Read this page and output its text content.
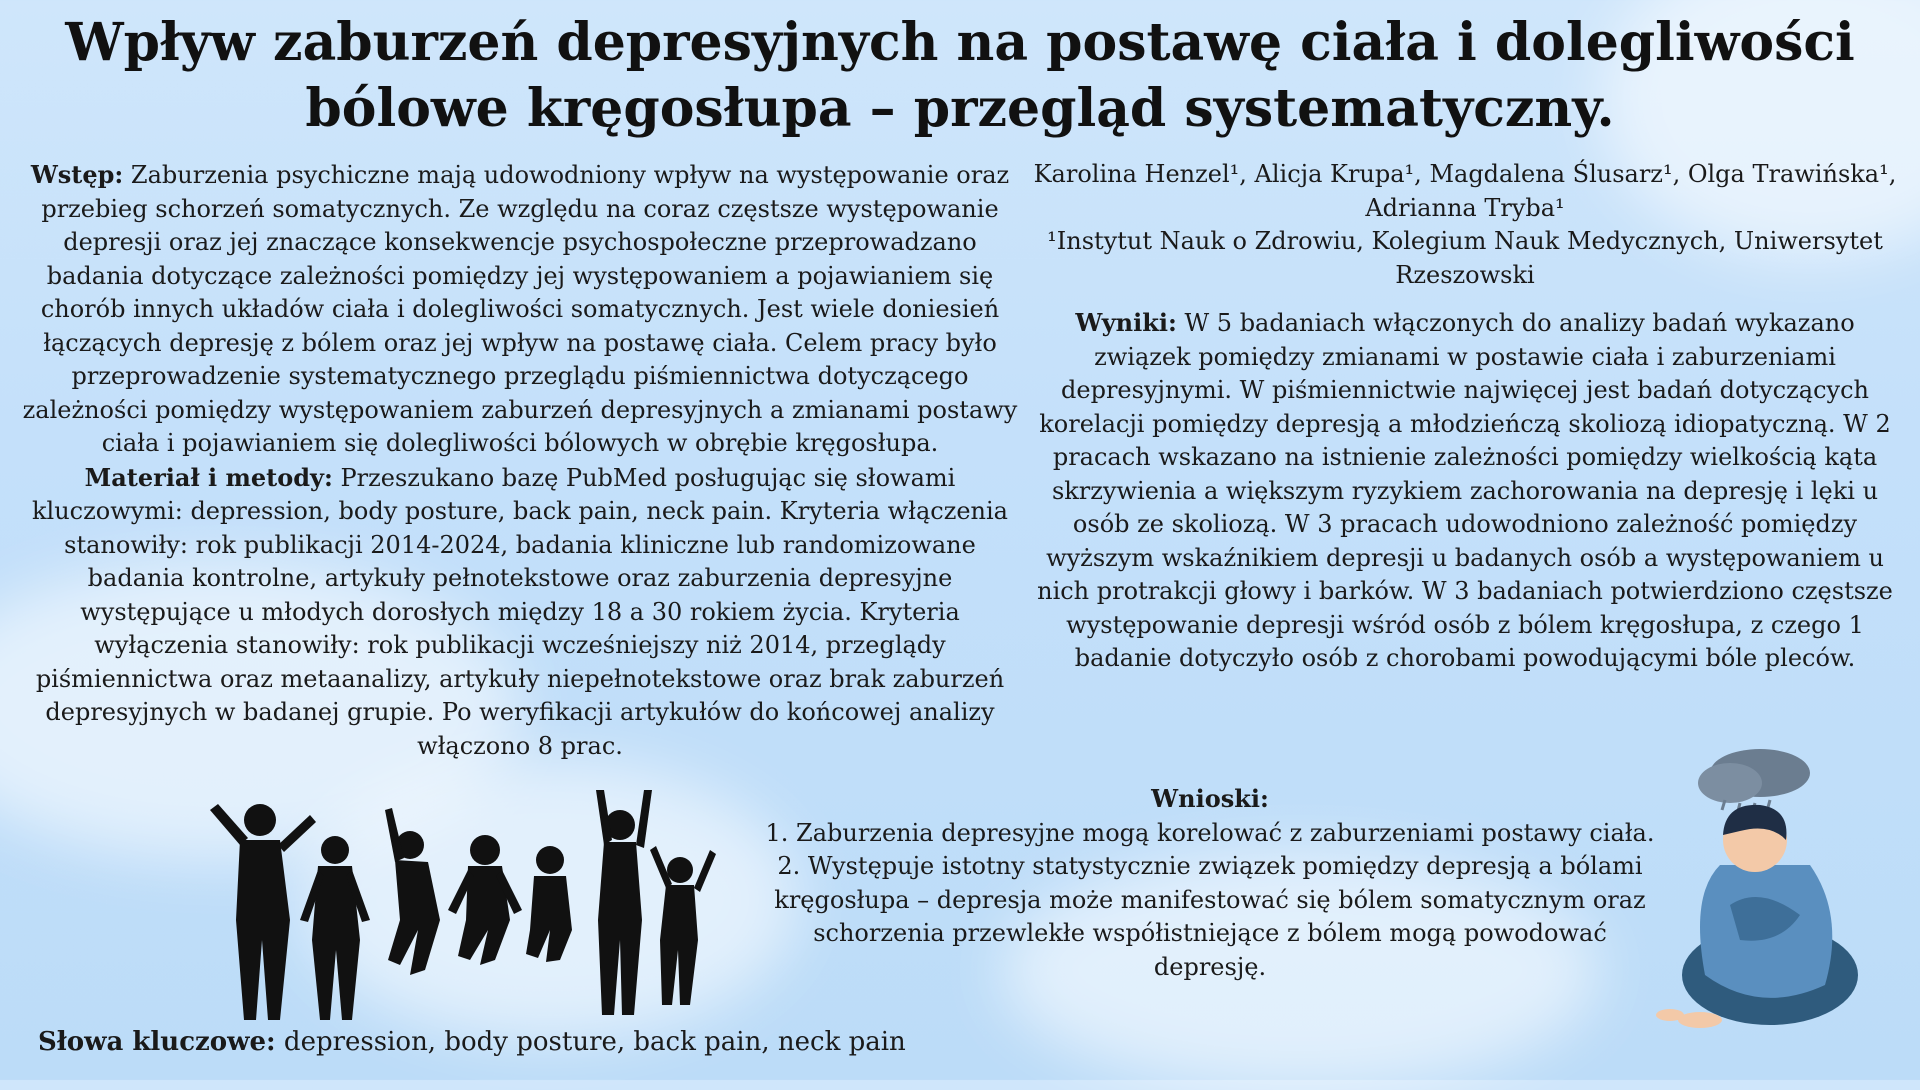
Wpływ zaburzeń depresyjnych na postawę ciała i dolegliwości bólowe kręgosłupa – przegląd systematyczny.

Wstęp: Zaburzenia psychiczne mają udowodniony wpływ na występowanie oraz przebieg schorzeń somatycznych. Ze względu na coraz częstsze występowanie depresji oraz jej znaczące konsekwencje psychospołeczne przeprowadzano badania dotyczące zależności pomiędzy jej występowaniem a pojawianiem się chorób innych układów ciała i dolegliwości somatycznych. Jest wiele doniesień łączących depresję z bólem oraz jej wpływ na postawę ciała. Celem pracy było przeprowadzenie systematycznego przeglądu piśmiennictwa dotyczącego zależności pomiędzy występowaniem zaburzeń depresyjnych a zmianami postawy ciała i pojawianiem się dolegliwości bólowych w obrębie kręgosłupa.

Materiał i metody: Przeszukano bazę PubMed posługując się słowami kluczowymi: depression, body posture, back pain, neck pain. Kryteria włączenia stanowiły: rok publikacji 2014-2024, badania kliniczne lub randomizowane badania kontrolne, artykuły pełnotekstowe oraz zaburzenia depresyjne występujące u młodych dorosłych między 18 a 30 rokiem życia. Kryteria wyłączenia stanowiły: rok publikacji wcześniejszy niż 2014, przeglądy piśmiennictwa oraz metaanalizy, artykuły niepełnotekstowe oraz brak zaburzeń depresyjnych w badanej grupie. Po weryfikacji artykułów do końcowej analizy włączono 8 prac.

Karolina Henzel¹, Alicja Krupa¹, Magdalena Ślusarz¹, Olga Trawińska¹, Adrianna Tryba¹

¹Instytut Nauk o Zdrowiu, Kolegium Nauk Medycznych, Uniwersytet Rzeszowski

Wyniki: W 5 badaniach włączonych do analizy badań wykazano związek pomiędzy zmianami w postawie ciała i zaburzeniami depresyjnymi. W piśmiennictwie najwięcej jest badań dotyczących korelacji pomiędzy depresją a młodzieńczą skoliozą idiopatyczną. W 2 pracach wskazano na istnienie zależności pomiędzy wielkością kąta skrzywienia a większym ryzykiem zachorowania na depresję i lęki u osób ze skoliozą. W 3 pracach udowodniono zależność pomiędzy wyższym wskaźnikiem depresji u badanych osób a występowaniem u nich protrakcji głowy i barków. W 3 badaniach potwierdziono częstsze występowanie depresji wśród osób z bólem kręgosłupa, z czego 1 badanie dotyczyło osób z chorobami powodującymi bóle pleców.

Wnioski:

1. Zaburzenia depresyjne mogą korelować z zaburzeniami postawy ciała.

2. Występuje istotny statystycznie związek pomiędzy depresją a bólami kręgosłupa – depresja może manifestować się bólem somatycznym oraz schorzenia przewlekłe współistniejące z bólem mogą powodować depresję.

Słowa kluczowe: depression, body posture, back pain, neck pain
